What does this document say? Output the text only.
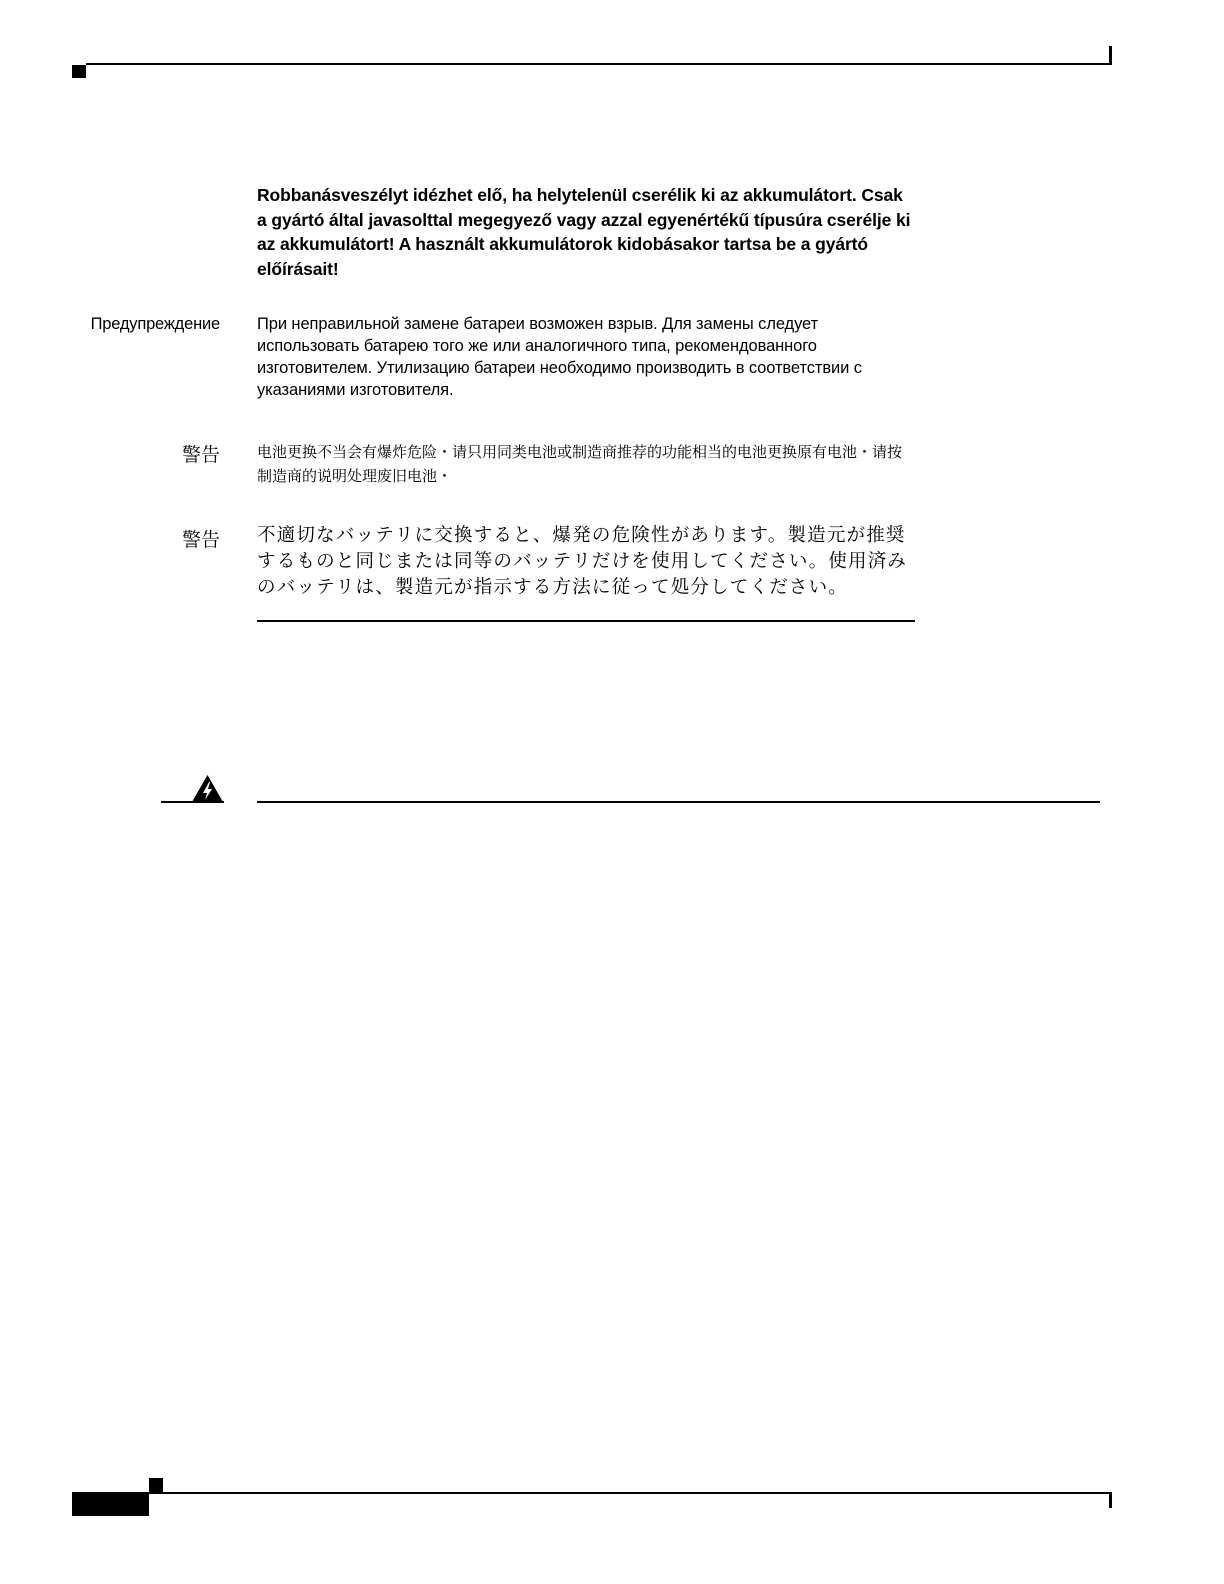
Robbanásveszélyt idézhet elő, ha helytelenül cserélik ki az akkumulátort. Csak a gyártó által javasolttal megegyező vagy azzal egyenértékű típusúra cserélje ki az akkumulátort! A használt akkumulátorok kidobásakor tartsa be a gyártó előírásait!
Предупреждение При неправильной замене батареи возможен взрыв. Для замены следует использовать батарею того же или аналогичного типа, рекомендованного изготовителем. Утилизацию батареи необходимо производить в соответствии с указаниями изготовителя.
警告 电池更换不当会有爆炸危险・请只用同类电池或制造商推荐的功能相当的电池更换原有电池・请按制造商的说明处理废旧电池・
警告 不適切なバッテリに交換すると、爆発の危険性があります。製造元が推奨するものと同じまたは同等のバッテリだけを使用してください。使用済みのバッテリは、製造元が指示する方法に従って処分してください。
